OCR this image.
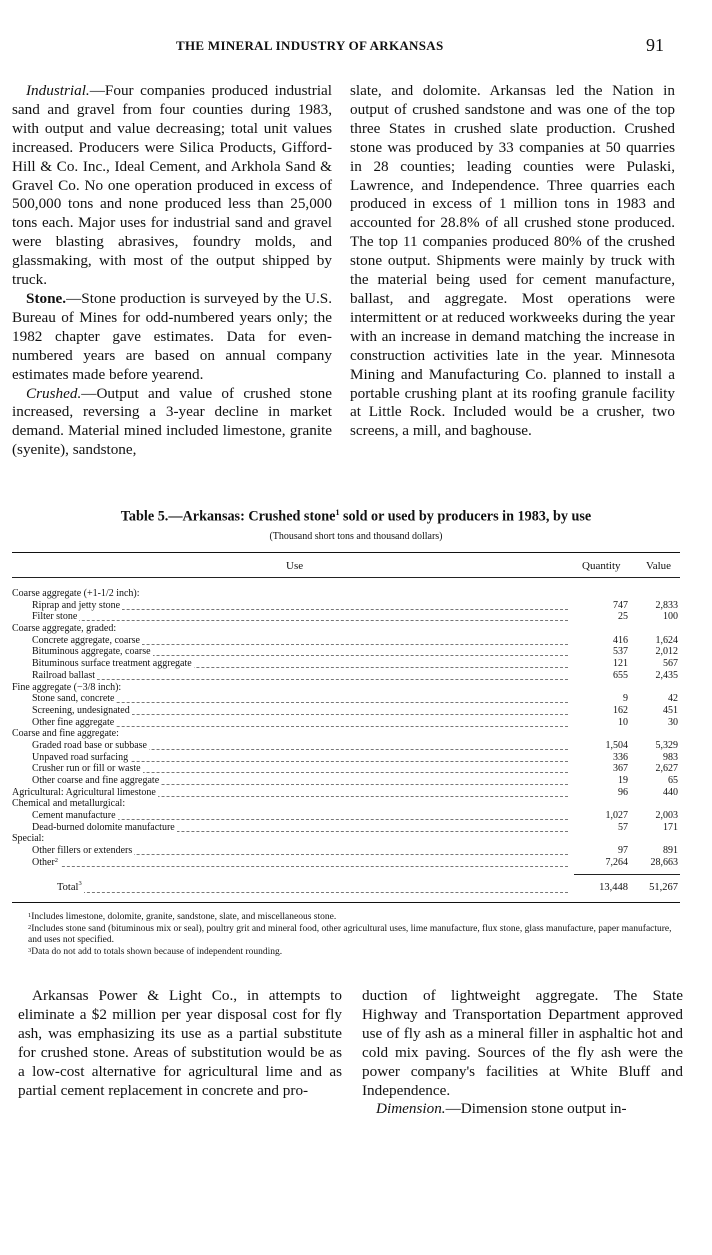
THE MINERAL INDUSTRY OF ARKANSAS	91

Industrial.—Four companies produced industrial sand and gravel from four counties during 1983, with output and value decreasing; total unit values increased. Producers were Silica Products, Gifford-Hill & Co. Inc., Ideal Cement, and Arkhola Sand & Gravel Co. No one operation produced in excess of 500,000 tons and none produced less than 25,000 tons each. Major uses for industrial sand and gravel were blasting abrasives, foundry molds, and glassmaking, with most of the output shipped by truck.

Stone.—Stone production is surveyed by the U.S. Bureau of Mines for odd-numbered years only; the 1982 chapter gave estimates. Data for even-numbered years are based on annual company estimates made before yearend.

Crushed.—Output and value of crushed stone increased, reversing a 3-year decline in market demand. Material mined included limestone, granite (syenite), sandstone,

slate, and dolomite. Arkansas led the Nation in output of crushed sandstone and was one of the top three States in crushed slate production. Crushed stone was produced by 33 companies at 50 quarries in 28 counties; leading counties were Pulaski, Lawrence, and Independence. Three quarries each produced in excess of 1 million tons in 1983 and accounted for 28.8% of all crushed stone produced. The top 11 companies produced 80% of the crushed stone output. Shipments were mainly by truck with the material being used for cement manufacture, ballast, and aggregate. Most operations were intermittent or at reduced workweeks during the year with an increase in demand matching the increase in construction activities late in the year. Minnesota Mining and Manufacturing Co. planned to install a portable crushing plant at its roofing granule facility at Little Rock. Included would be a crusher, two screens, a mill, and baghouse.

Table 5.—Arkansas: Crushed stone$^1$ sold or used by producers in 1983, by use
(Thousand short tons and thousand dollars)
Use	Quantity Value
Coarse aggregate (+1-1/2 inch):
Riprap and jetty stone	747	2,833
Filter stone	25	100
Coarse aggregate, graded:
Concrete aggregate, coarse	416	1,624
Bituminous aggregate, coarse	537	2,012
Bituminous surface treatment aggregate	121	567
Railroad ballast	655	2,435
Fine aggregate (−3/8 inch):
Stone sand, concrete	9	42
Screening, undesignated	162	451
Other fine aggregate	10	30
Coarse and fine aggregate:
Graded road base or subbase	1,504	5,329
Unpaved road surfacing	336	983
Crusher run or fill or waste	367	2,627
Other coarse and fine aggregate	19	65
Agricultural: Agricultural limestone	96	440
Chemical and metallurgical:
Cement manufacture	1,027	2,003
Dead-burned dolomite manufacture	57	171
Special:
Other fillers or extenders	97	891
Other$^2$	7,264 28,663
Total$^3$	13,448 51,267

$^1$Includes limestone, dolomite, granite, sandstone, slate, and miscellaneous stone.

$^2$Includes stone sand (bituminous mix or seal), poultry grit and mineral food, other agricultural uses, lime manufacture, flux stone, glass manufacture, paper manufacture, and uses not specified.

$^3$Data do not add to totals shown because of independent rounding.

Arkansas Power & Light Co., in attempts to eliminate a $2 million per year disposal cost for fly ash, was emphasizing its use as a partial substitute for crushed stone. Areas of substitution would be as a low-cost alternative for agricultural lime and as partial cement replacement in concrete and pro-

duction of lightweight aggregate. The State Highway and Transportation Department approved use of fly ash as a mineral filler in asphaltic hot and cold mix paving. Sources of the fly ash were the power company's facilities at White Bluff and Independence.

Dimension.—Dimension stone output in-
